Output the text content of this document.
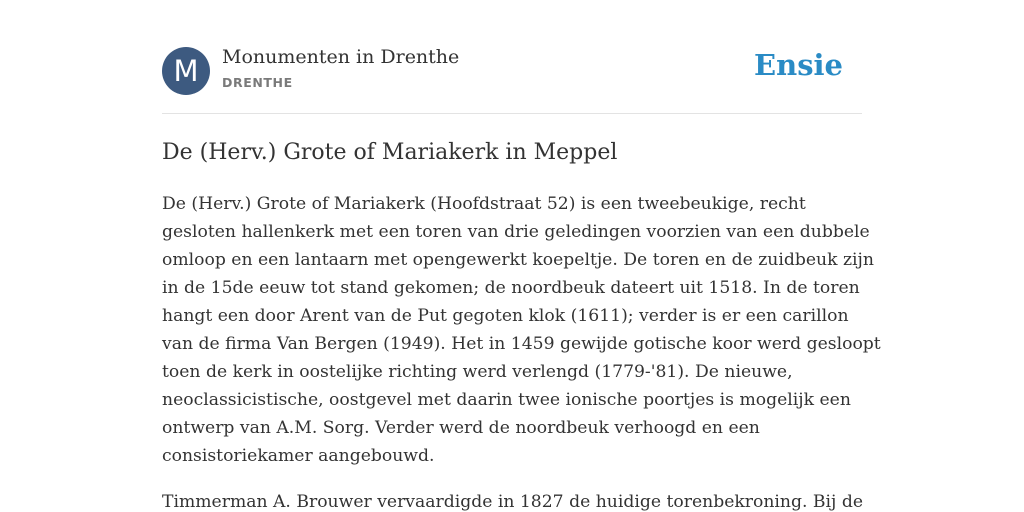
M	Monumenten in Drenthe
DRENTHE
Ensie
De (Herv.) Grote of Mariakerk in Meppel

De (Herv.) Grote of Mariakerk (Hoofdstraat 52) is een tweebeukige, recht
gesloten hallenkerk met een toren van drie geledingen voorzien van een dubbele
omloop en een lantaarn met opengewerkt koepeltje. De toren en de zuidbeuk zijn
in de 15de eeuw tot stand gekomen; de noordbeuk dateert uit 1518. In de toren
hangt een door Arent van de Put gegoten klok (1611); verder is er een carillon
van de firma Van Bergen (1949). Het in 1459 gewijde gotische koor werd gesloopt
toen de kerk in oostelijke richting werd verlengd (1779-'81). De nieuwe,
neoclassicistische, oostgevel met daarin twee ionische poortjes is mogelijk een
ontwerp van A.M. Sorg. Verder werd de noordbeuk verhoogd en een
consistoriekamer aangebouwd.

Timmerman A. Brouwer vervaardigde in 1827 de huidige torenbekroning. Bij de
